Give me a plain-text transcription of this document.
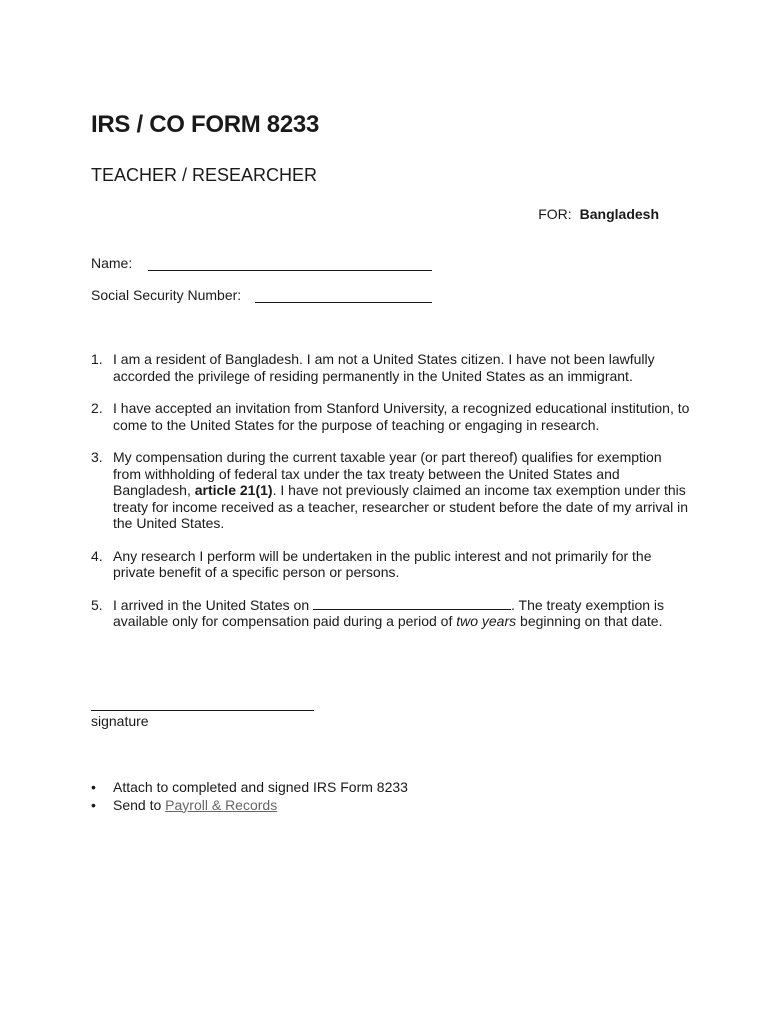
IRS / CO FORM 8233
TEACHER / RESEARCHER
FOR: Bangladesh
Name:
Social Security Number:
1. I am a resident of Bangladesh. I am not a United States citizen. I have not been lawfully accorded the privilege of residing permanently in the United States as an immigrant.
2. I have accepted an invitation from Stanford University, a recognized educational institution, to come to the United States for the purpose of teaching or engaging in research.
3. My compensation during the current taxable year (or part thereof) qualifies for exemption from withholding of federal tax under the tax treaty between the United States and Bangladesh, article 21(1). I have not previously claimed an income tax exemption under this treaty for income received as a teacher, researcher or student before the date of my arrival in the United States.
4. Any research I perform will be undertaken in the public interest and not primarily for the private benefit of a specific person or persons.
5. I arrived in the United States on	. The treaty exemption is available only for compensation paid during a period of two years beginning on that date.
signature
• Attach to completed and signed IRS Form 8233
• Send to Payroll & Records
